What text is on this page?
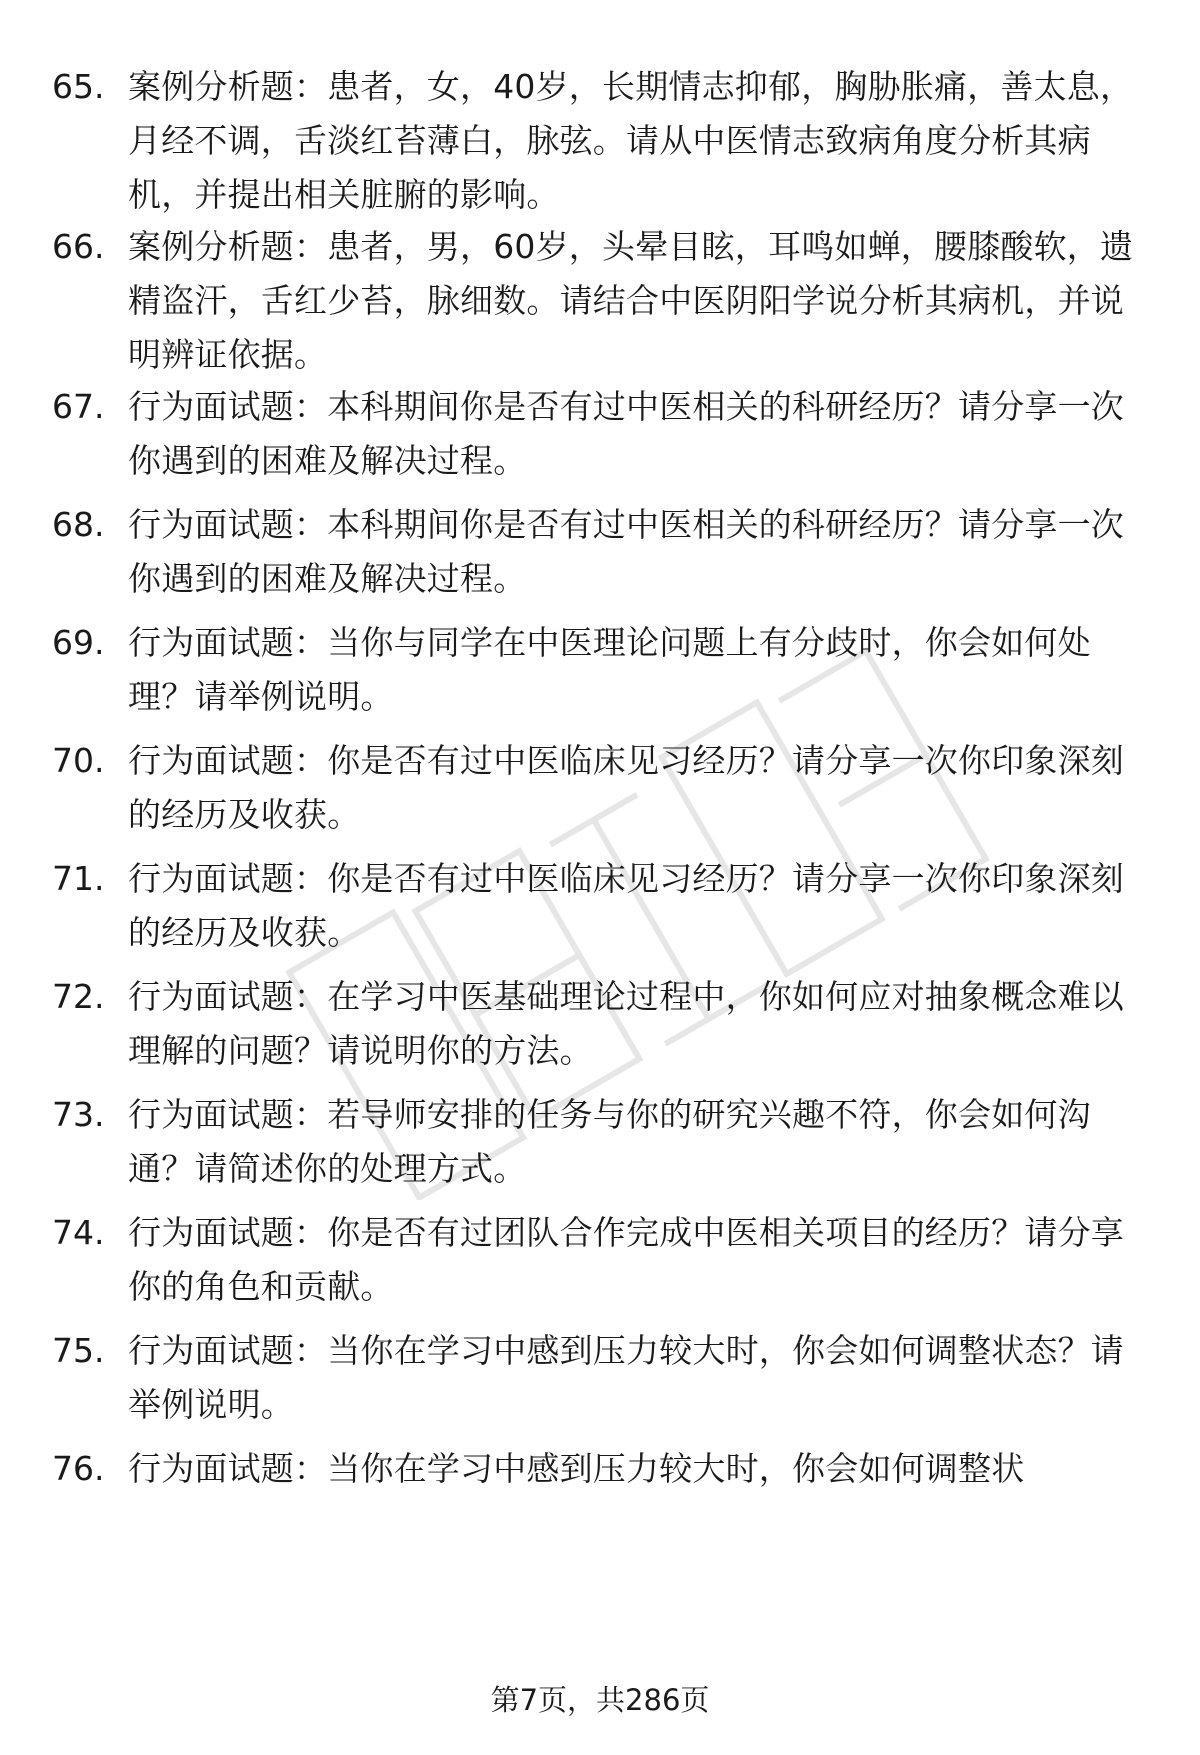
65. 案例分析题：患者，女，40岁，长期情志抑郁，胸胁胀痛，善太息，月经不调，舌淡红苔薄白，脉弦。请从中医情志致病角度分析其病机，并提出相关脏腑的影响。
66. 案例分析题：患者，男，60岁，头晕目眩，耳鸣如蝉，腰膝酸软，遗精盗汗，舌红少苔，脉细数。请结合中医阴阳学说分析其病机，并说明辨证依据。
67. 行为面试题：本科期间你是否有过中医相关的科研经历？请分享一次你遇到的困难及解决过程。
68. 行为面试题：本科期间你是否有过中医相关的科研经历？请分享一次你遇到的困难及解决过程。
69. 行为面试题：当你与同学在中医理论问题上有分歧时，你会如何处理？请举例说明。
70. 行为面试题：你是否有过中医临床见习经历？请分享一次你印象深刻的经历及收获。
71. 行为面试题：你是否有过中医临床见习经历？请分享一次你印象深刻的经历及收获。
72. 行为面试题：在学习中医基础理论过程中，你如何应对抽象概念难以理解的问题？请说明你的方法。
73. 行为面试题：若导师安排的任务与你的研究兴趣不符，你会如何沟通？请简述你的处理方式。
74. 行为面试题：你是否有过团队合作完成中医相关项目的经历？请分享你的角色和贡献。
75. 行为面试题：当你在学习中感到压力较大时，你会如何调整状态？请举例说明。
76. 行为面试题：当你在学习中感到压力较大时，你会如何调整状
第7页，共286页
